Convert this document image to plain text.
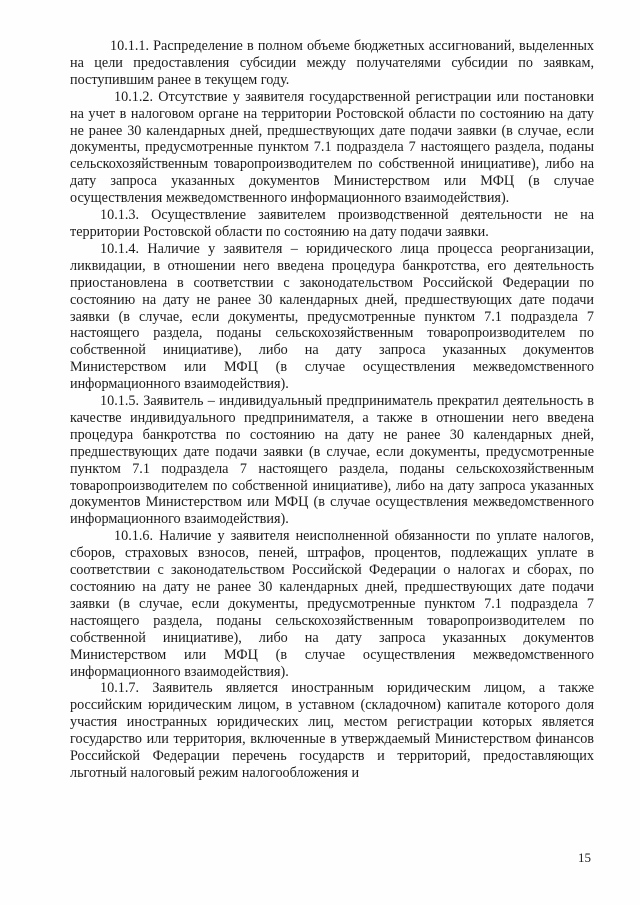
10.1.1. Распределение в полном объеме бюджетных ассигнований, выделенных на цели предоставления субсидии между получателями субсидии по заявкам, поступившим ранее в текущем году.

10.1.2. Отсутствие у заявителя государственной регистрации или постановки на учет в налоговом органе на территории Ростовской области по состоянию на дату не ранее 30 календарных дней, предшествующих дате подачи заявки (в случае, если документы, предусмотренные пунктом 7.1 подраздела 7 настоящего раздела, поданы сельскохозяйственным товаропроизводителем по собственной инициативе), либо на дату запроса указанных документов Министерством или МФЦ (в случае осуществления межведомственного информационного взаимодействия).

10.1.3. Осуществление заявителем производственной деятельности не на территории Ростовской области по состоянию на дату подачи заявки.

10.1.4. Наличие у заявителя – юридического лица процесса реорганизации, ликвидации, в отношении него введена процедура банкротства, его деятельность приостановлена в соответствии с законодательством Российской Федерации по состоянию на дату не ранее 30 календарных дней, предшествующих дате подачи заявки (в случае, если документы, предусмотренные пунктом 7.1 подраздела 7 настоящего раздела, поданы сельскохозяйственным товаропроизводителем по собственной инициативе), либо на дату запроса указанных документов Министерством или МФЦ (в случае осуществления межведомственного информационного взаимодействия).

10.1.5. Заявитель – индивидуальный предприниматель прекратил деятельность в качестве индивидуального предпринимателя, а также в отношении него введена процедура банкротства по состоянию на дату не ранее 30 календарных дней, предшествующих дате подачи заявки (в случае, если документы, предусмотренные пунктом 7.1 подраздела 7 настоящего раздела, поданы сельскохозяйственным товаропроизводителем по собственной инициативе), либо на дату запроса указанных документов Министерством или МФЦ (в случае осуществления межведомственного информационного взаимодействия).

10.1.6. Наличие у заявителя неисполненной обязанности по уплате налогов, сборов, страховых взносов, пеней, штрафов, процентов, подлежащих уплате в соответствии с законодательством Российской Федерации о налогах и сборах, по состоянию на дату не ранее 30 календарных дней, предшествующих дате подачи заявки (в случае, если документы, предусмотренные пунктом 7.1 подраздела 7 настоящего раздела, поданы сельскохозяйственным товаропроизводителем по собственной инициативе), либо на дату запроса указанных документов Министерством или МФЦ (в случае осуществления межведомственного информационного взаимодействия).

10.1.7. Заявитель является иностранным юридическим лицом, а также российским юридическим лицом, в уставном (складочном) капитале которого доля участия иностранных юридических лиц, местом регистрации которых является государство или территория, включенные в утверждаемый Министерством финансов Российской Федерации перечень государств и территорий, предоставляющих льготный налоговый режим налогообложения и

15
